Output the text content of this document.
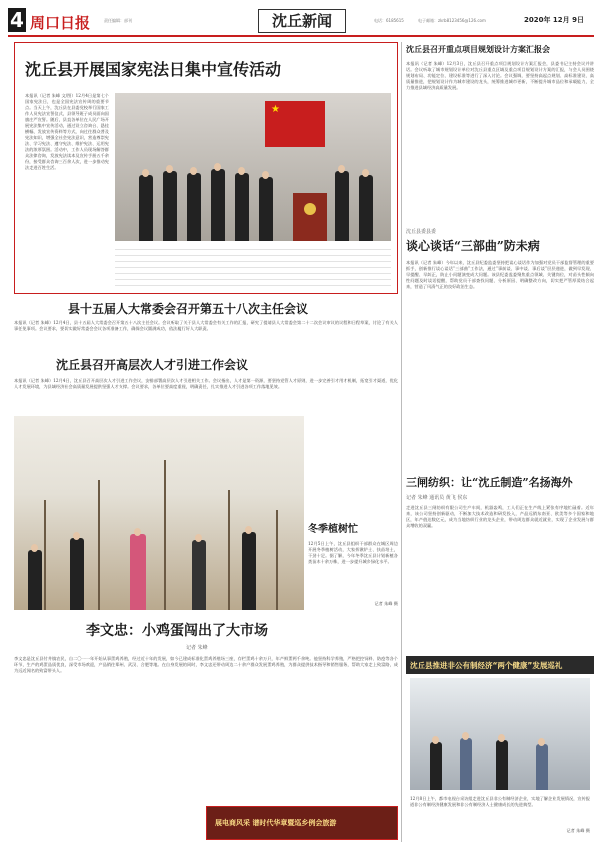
4 周口日报	责任编辑：部刊	沈丘新闻	电话：6185615	电子邮箱：zkrb8123456@126.com	2020年 12月 9日
沈丘县开展国家宪法日集中宣传活动
本报讯（记者 朱峰 文/图）12月4日是第七个国家宪法日，也是全国宪法宣传周的重要节点。当天上午，沈丘县在县委党校举行国家工作人员宪法宣誓仪式，县领导班子成员面向国旗庄严宣誓。随后，县直各单位在人民广场开展宪法集中宣传活动，通过设立咨询台、悬挂横幅、发放宣传资料等方式，向过往群众普及宪法知识，增强全社会宪法意识，营造尊崇宪法、学习宪法、遵守宪法、维护宪法、运用宪法的浓厚氛围。活动中，工作人员现场解答群众法律咨询，发放宪法读本及宣传手册五千余份，接受群众咨询三百余人次，进一步推动宪法走进百姓生活。
★
县十五届人大常委会召开第五十八次主任会议
本报讯（记者 朱峰）12月4日，县十五届人大常委会召开第五十八次主任会议。会议听取了关于县人大常委会有关工作的汇报，研究了提请县人大常委会第二十二次会议审议的议程和日程草案，讨论了有关人事任免事项。会议要求，要切实做好常委会会议各项准备工作，确保会议圆满成功，依法履行好人大职责。
沈丘县召开高层次人才引进工作会议
本报讯（记者 朱峰）12月4日，沈丘县召开高层次人才引进工作会议，安排部署高层次人才引进相关工作。会议指出，人才是第一资源，要坚持党管人才原则，进一步完善引才用才机制，拓宽引才渠道，优化人才发展环境，为县域经济社会高质量发展提供坚强人才支撑。会议要求，各单位要高度重视，明确责任，扎实推进人才引进各项工作落地见效。
冬季植树忙
12月5日上午，沈丘县组织干部群众在城区周边开展冬季植树活动，大家挥锹铲土、扶苗培土，干劲十足。据了解，今年冬季沈丘县计划新植各类苗木十余万株，进一步提升城乡绿化水平。
记者 朱峰 摄
李文忠：小鸡蛋闯出了大市场
记者 朱峰
李文忠是沈丘县付井镇农民，自二〇一一年开始从事蛋鸡养殖，经过近十年的发展，如今已建成标准化蛋鸡养殖场三座，存栏蛋鸡十余万只，年产鲜蛋两千余吨。他坚持科学养殖，严格把控饲料、防疫等各个环节，生产的鸡蛋品质优良，深受市场欢迎，产品销往郑州、武汉、合肥等地。在自身发展的同时，李文忠还带动周边二十余户群众发展蛋鸡养殖，为群众提供技术指导和销售服务，帮助大家走上致富路，成为远近闻名的致富带头人。
展电商风采 谱时代华章暨巡乡例会旅游
沈丘县召开重点项目规划设计方案汇报会
本报讯（记者 朱峰）12月3日，沈丘县召开重点项目规划设计方案汇报会，县委书记主持会议并讲话。会议听取了城市规划设计单位对沈丘县重点区域及重点项目规划设计方案的汇报，与会人员围绕规划布局、功能定位、建设标准等进行了深入讨论。会议强调，要坚持高起点规划、高标准建设、高质量推进，把规划设计作为城市建设的龙头，统筹推进城市更新，不断提升城市品位和承载能力，全力推进县域经济高质量发展。
沈丘县委县委
谈心谈话“三部曲”防未病
本报讯（记者 朱峰）今年以来，沈丘县纪委监委坚持把谈心谈话作为加强对党员干部监督管理的重要抓手，创新推行谈心谈话“三部曲”工作法，通过“事前谈、事中谈、事后谈”层层递进，做到早发现、早提醒、早纠正，防止小问题演变成大问题。该县纪委监委聚焦重点领域、关键岗位，对苗头性倾向性问题及时谈话提醒，帮助党员干部查找问题、分析原因、明确整改方向，切实把严管厚爱结合起来，营造了风清气正的良好政治生态。
三闸纺织：让“沈丘制造”名扬海外
记者 朱峰 通讯员 黄飞 侯东
走进沈丘县三闸纺织有限公司生产车间，机器轰鸣，工人们正在生产线上紧张有序地忙碌着。近年来，该公司坚持创新驱动，不断加大技术改造和研发投入，产品远销东南亚、欧美等多个国家和地区，年产值达数亿元，成为当地纺织行业的龙头企业，带动周边群众就近就业，实现了企业发展与群众增收的双赢。
沈丘县推进非公有制经济“两个健康”发展巡礼
12月8日上午，都市电视台采访组走进沈丘县非公有制经济企业，实地了解企业发展情况，宣传报道非公有制经济健康发展和非公有制经济人士健康成长的先进典型。
记者 朱峰 摄
